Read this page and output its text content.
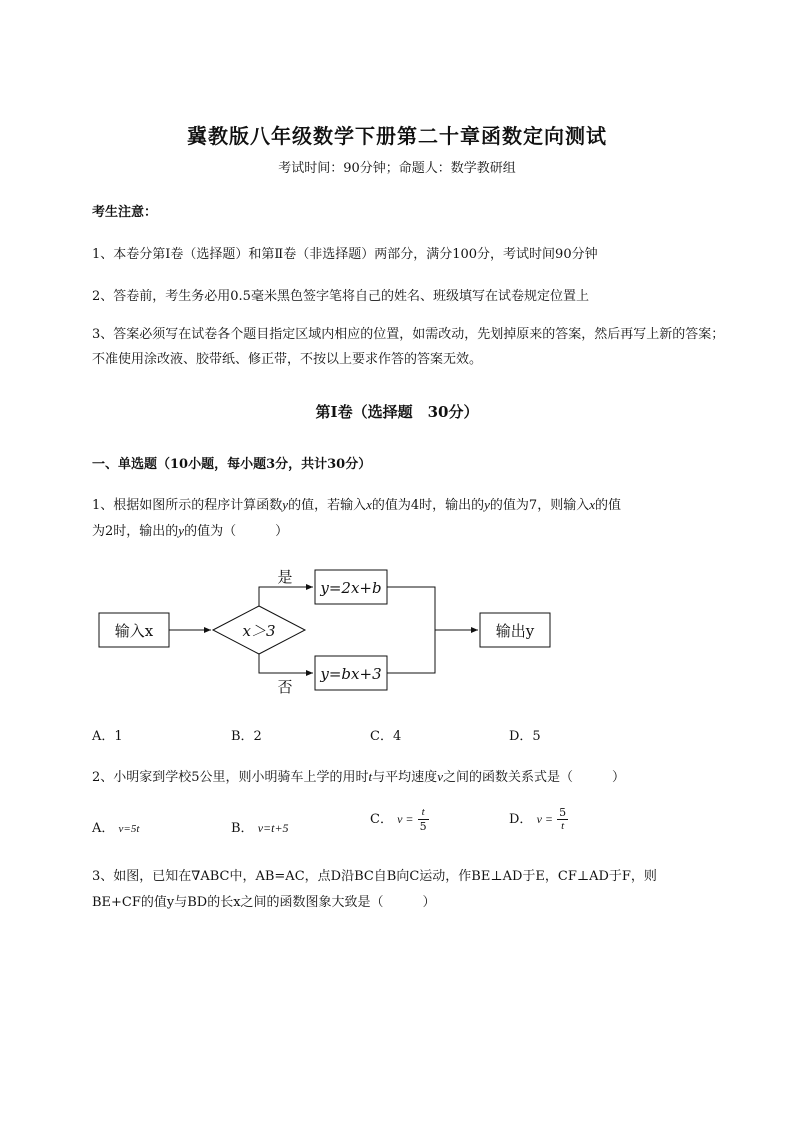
冀教版八年级数学下册第二十章函数定向测试
考试时间：90分钟；命题人：数学教研组
考生注意：
1、本卷分第I卷（选择题）和第Ⅱ卷（非选择题）两部分，满分100分，考试时间90分钟
2、答卷前，考生务必用0.5毫米黑色签字笔将自己的姓名、班级填写在试卷规定位置上
3、答案必须写在试卷各个题目指定区域内相应的位置，如需改动，先划掉原来的答案，然后再写上新的答案；不准使用涂改液、胶带纸、修正带，不按以上要求作答的答案无效。
第I卷（选择题　30分）
一、单选题（10小题，每小题3分，共计30分）
1、根据如图所示的程序计算函数y的值，若输入x的值为4时，输出的y的值为7，则输入x的值
为2时，输出的y的值为（　　　）
输入x	x＞3
是
否
y=2x+b
y=bx+3
输出y
A．1	B．2	C．4	D．5
2、小明家到学校5公里，则小明骑车上学的用时t与平均速度v之间的函数关系式是（　　　）
A． v=5t	B． v=t+5
C． $v = \frac{t}{5}$	D． $v = \frac{5}{t}$
3、如图，已知在∇ABC中，AB=AC，点D沿BC自B向C运动，作BE⊥AD于E，CF⊥AD于F，则
BE+CF的值y与BD的长x之间的函数图象大致是（　　　）
